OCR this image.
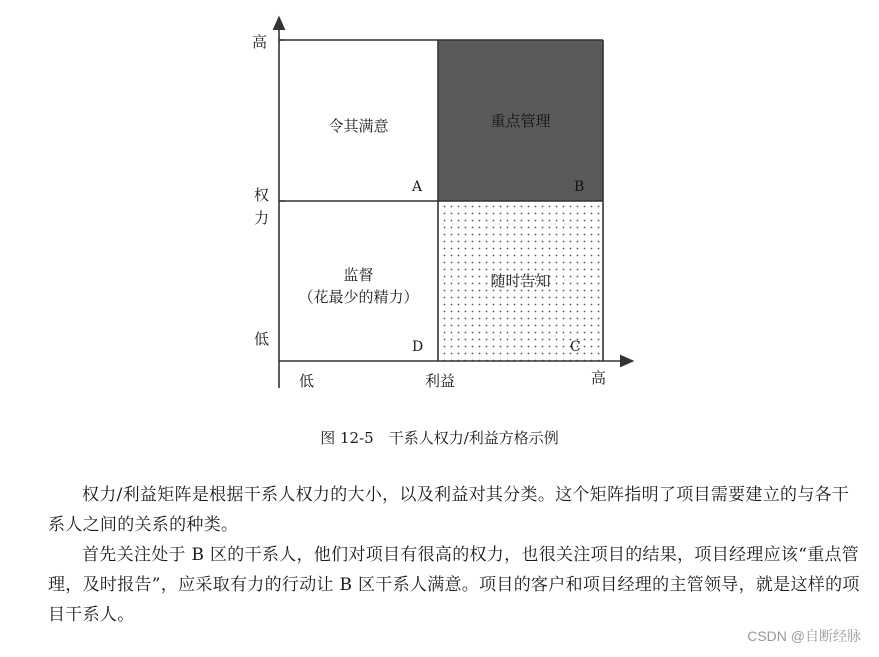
高
权
力
低
低	利益	高
令其满意	重点管理
随时告知
监督
（花最少的精力）
A	B
C
D
图 12-5　干系人权力/利益方格示例

权力/利益矩阵是根据干系人权力的大小，以及利益对其分类。这个矩阵指明了项目需要建立的与各干系人之间的关系的种类。

首先关注处于 B 区的干系人，他们对项目有很高的权力，也很关注项目的结果，项目经理应该“重点管理，及时报告”，应采取有力的行动让 B 区干系人满意。项目的客户和项目经理的主管领导，就是这样的项目干系人。

CSDN @自断经脉
